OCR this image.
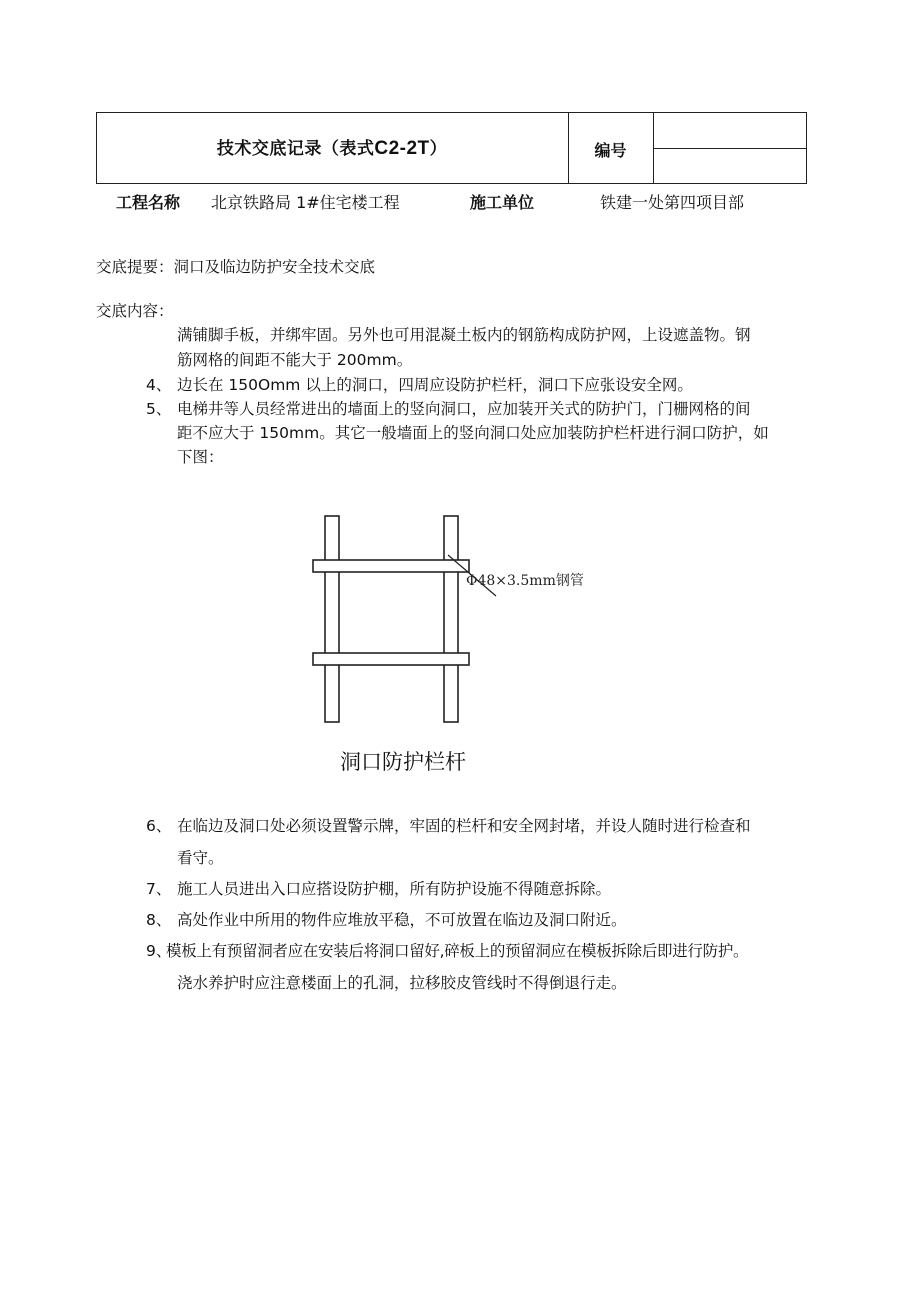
技术交底记录（表式C2-2T）	编号
工程名称 北京铁路局 1#住宅楼工程	施工单位	铁建一处第四项目部
交底提要：洞口及临边防护安全技术交底
交底内容：
满铺脚手板，并绑牢固。另外也可用混凝土板内的钢筋构成防护网，上设遮盖物。钢
筋网格的间距不能大于 200mm。
4、 边长在 150Omm 以上的洞口，四周应设防护栏杆，洞口下应张设安全网。
5、 电梯井等人员经常进出的墙面上的竖向洞口，应加装开关式的防护门，门栅网格的间
距不应大于 150mm。其它一般墙面上的竖向洞口处应加装防护栏杆进行洞口防护，如
下图：
Φ48×3.5mm钢管
洞口防护栏杆
6、 在临边及洞口处必须设置警示牌，牢固的栏杆和安全网封堵，并设人随时进行检查和
看守。
7、 施工人员进出入口应搭设防护棚，所有防护设施不得随意拆除。
8、 高处作业中所用的物件应堆放平稳，不可放置在临边及洞口附近。
9、
模板上有预留洞者应在安装后将洞口留好,碎板上的预留洞应在模板拆除后即进行防护。
浇水养护时应注意楼面上的孔洞，拉移胶皮管线时不得倒退行走。
